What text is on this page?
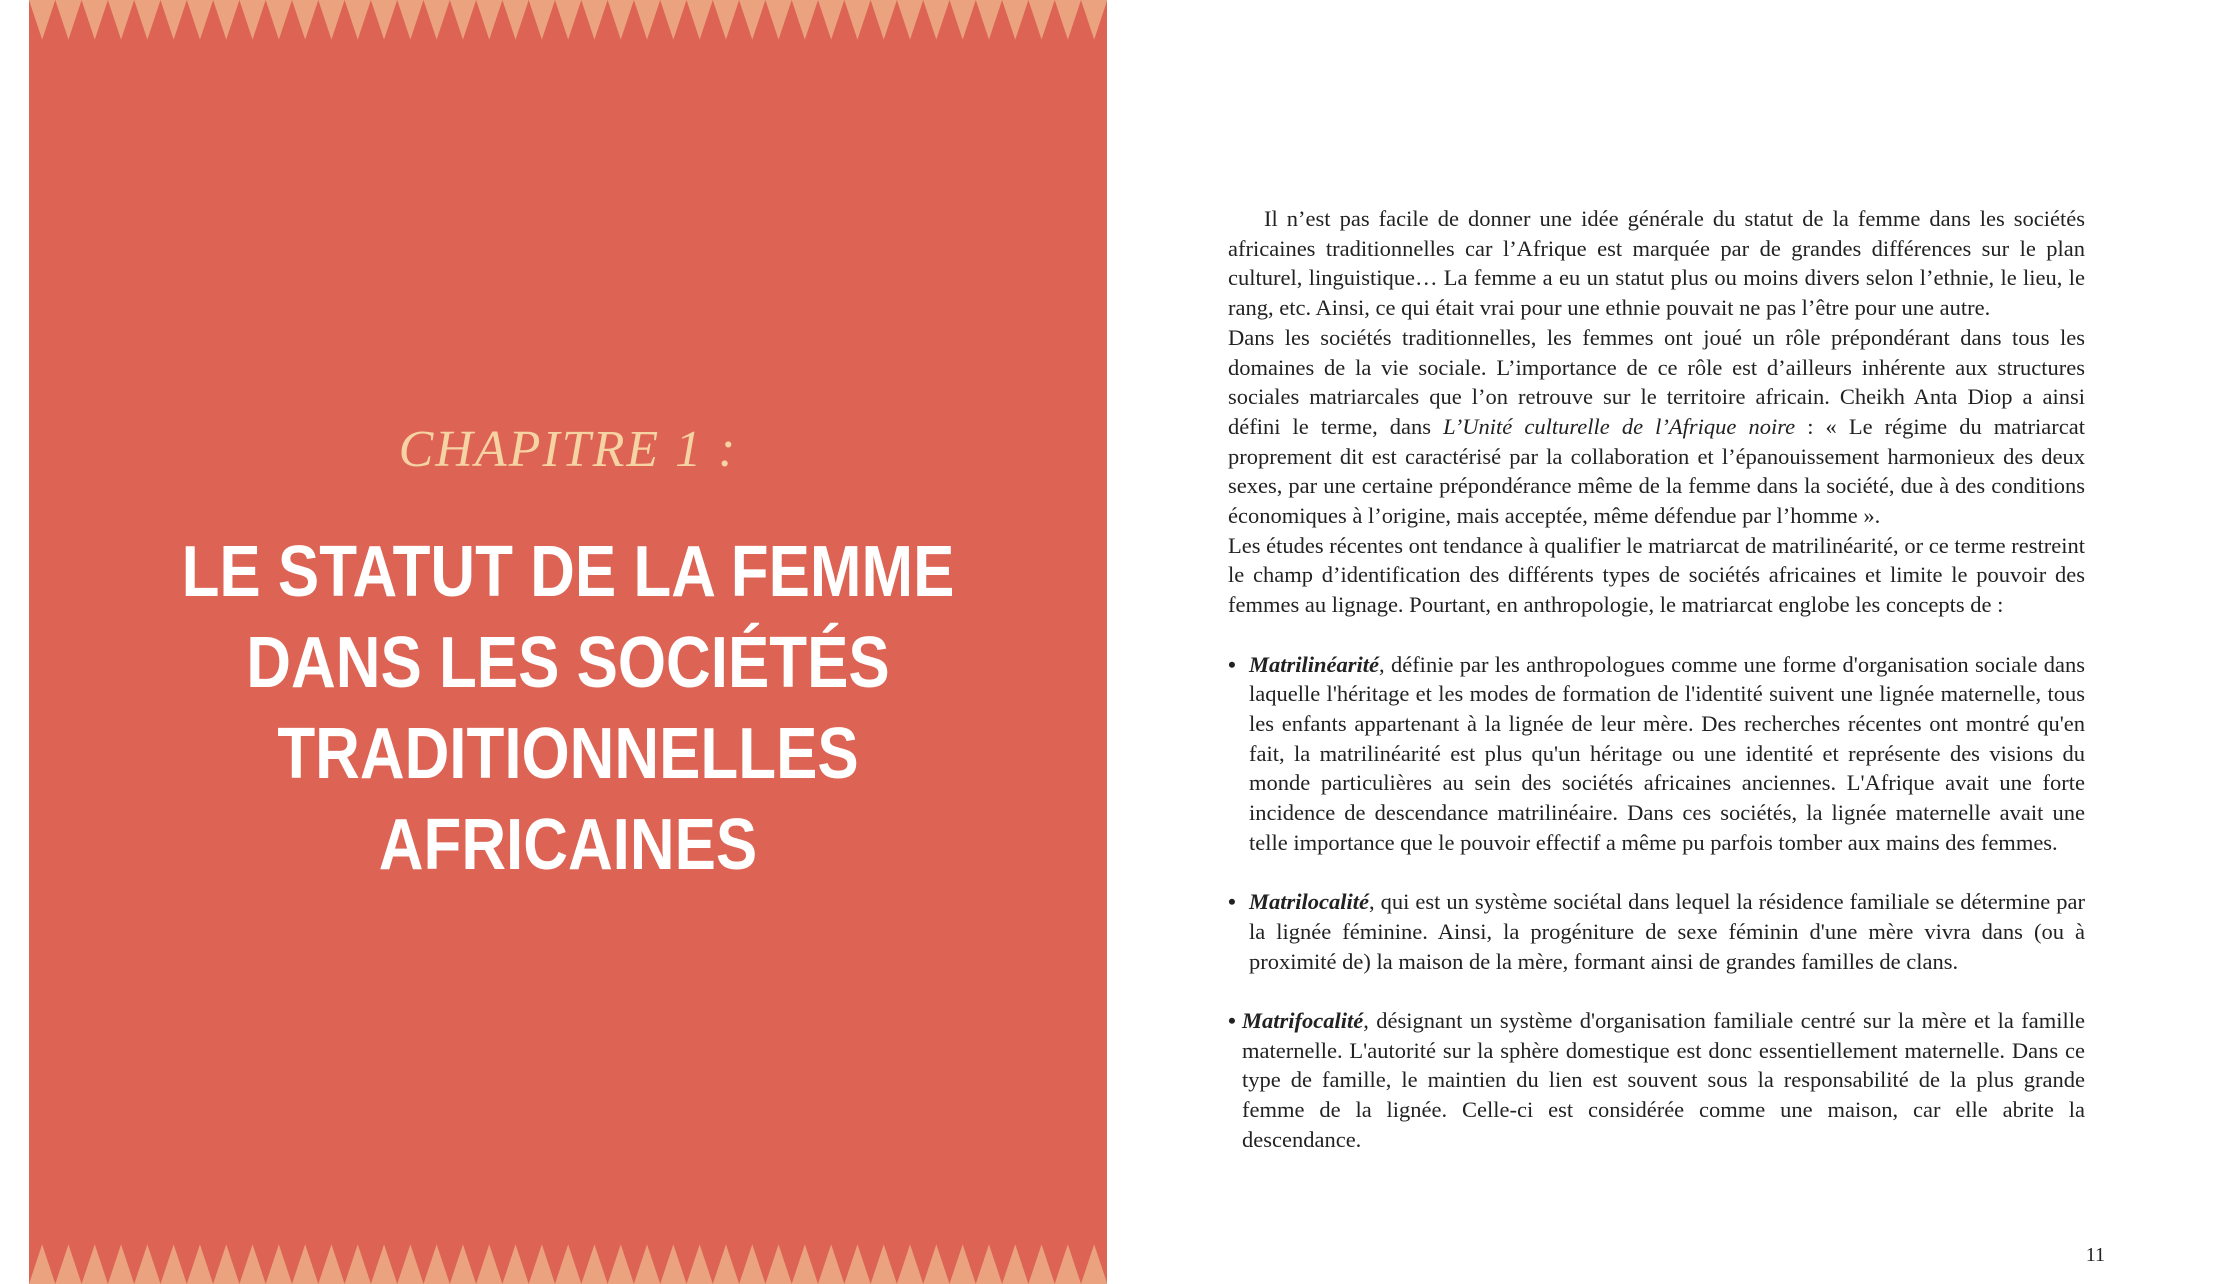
CHAPITRE 1 :

LE STATUT DE LA FEMME
DANS LES SOCIÉTÉS
TRADITIONNELLES
AFRICAINES

Il n’est pas facile de donner une idée générale du statut de la femme dans les sociétés africaines traditionnelles car l’Afrique est marquée par de grandes différences sur le plan culturel, linguistique… La femme a eu un statut plus ou moins divers selon l’ethnie, le lieu, le rang, etc. Ainsi, ce qui était vrai pour une ethnie pouvait ne pas l’être pour une autre.

Dans les sociétés traditionnelles, les femmes ont joué un rôle prépondérant dans tous les domaines de la vie sociale. L’importance de ce rôle est d’ailleurs inhérente aux structures sociales matriarcales que l’on retrouve sur le territoire africain. Cheikh Anta Diop a ainsi défini le terme, dans L’Unité culturelle de l’Afrique noire : « Le régime du matriarcat proprement dit est caractérisé par la collaboration et l’épanouissement harmonieux des deux sexes, par une certaine prépondérance même de la femme dans la société, due à des conditions économiques à l’origine, mais acceptée, même défendue par l’homme ».

Les études récentes ont tendance à qualifier le matriarcat de matrilinéarité, or ce terme restreint le champ d’identification des différents types de sociétés africaines et limite le pouvoir des femmes au lignage. Pourtant, en anthropologie, le matriarcat englobe les concepts de :

• Matrilinéarité, définie par les anthropologues comme une forme d'organisation sociale dans laquelle l'héritage et les modes de formation de l'identité suivent une lignée maternelle, tous les enfants appartenant à la lignée de leur mère. Des recherches récentes ont montré qu'en fait, la matrilinéarité est plus qu'un héritage ou une identité et représente des visions du monde particulières au sein des sociétés africaines anciennes. L'Afrique avait une forte incidence de descendance matrilinéaire. Dans ces sociétés, la lignée maternelle avait une telle importance que le pouvoir effectif a même pu parfois tomber aux mains des femmes.

• Matrilocalité, qui est un système sociétal dans lequel la résidence familiale se détermine par la lignée féminine. Ainsi, la progéniture de sexe féminin d'une mère vivra dans (ou à proximité de) la maison de la mère, formant ainsi de grandes familles de clans.

• Matrifocalité, désignant un système d'organisation familiale centré sur la mère et la famille maternelle. L'autorité sur la sphère domestique est donc essentiellement maternelle. Dans ce type de famille, le maintien du lien est souvent sous la responsabilité de la plus grande femme de la lignée. Celle-ci est considérée comme une maison, car elle abrite la descendance.

11
